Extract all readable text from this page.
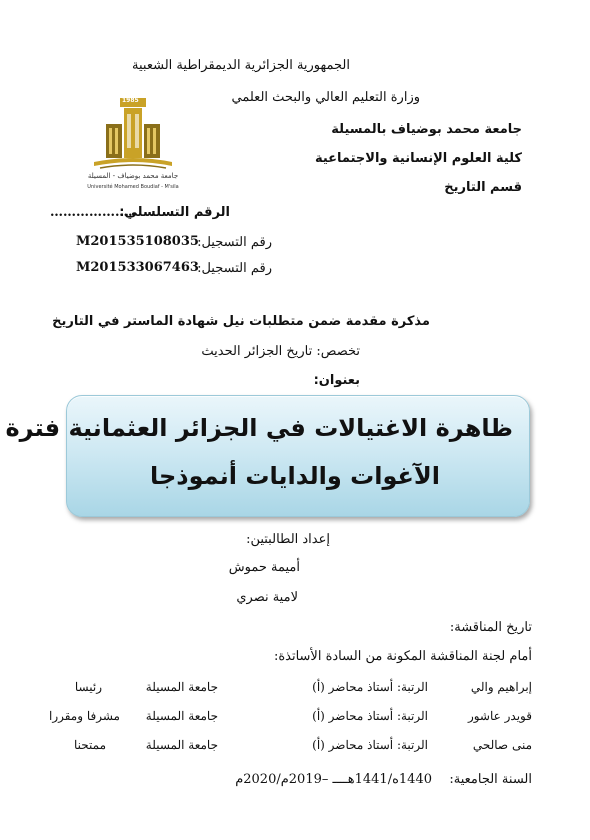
الجمهورية الجزائرية الديمقراطية الشعبية
وزارة التعليم العالي والبحث العلمي
جامعة محمد بوضياف بالمسيلة
كلية العلوم الإنسانية والاجتماعية
قسم التاريخ
1985
جامعة محمد بوضياف - المسيلة
Université Mohamed Boudiaf - M'sila
الرقم التسلسلي:
………………..
رقم التسجيل:
M201535108035
رقم التسجيل:
M201533067463
مذكرة مقدمة ضمن متطلبات نيل شهادة الماستر في التاريخ
تخصص: تاريخ الجزائر الحديث
بعنوان:
ظاهرة الاغتيالات في الجزائر العثمانية فترة
الآغوات والدايات أنموذجا
إعداد الطالبتين:
أميمة حموش
لامية نصري
تاريخ المناقشة:
أمام لجنة المناقشة المكونة من السادة الأساتذة:
إبراهيم والي
الرتبة: أستاذ محاضر (أ)
جامعة المسيلة
رئيسا
قويدر عاشور
الرتبة: أستاذ محاضر (أ)
جامعة المسيلة
مشرفا ومقررا
منى صالحي
الرتبة: أستاذ محاضر (أ)
جامعة المسيلة
ممتحنا
السنة الجامعية:
1440ه/1441هــــ –2019م/2020م
